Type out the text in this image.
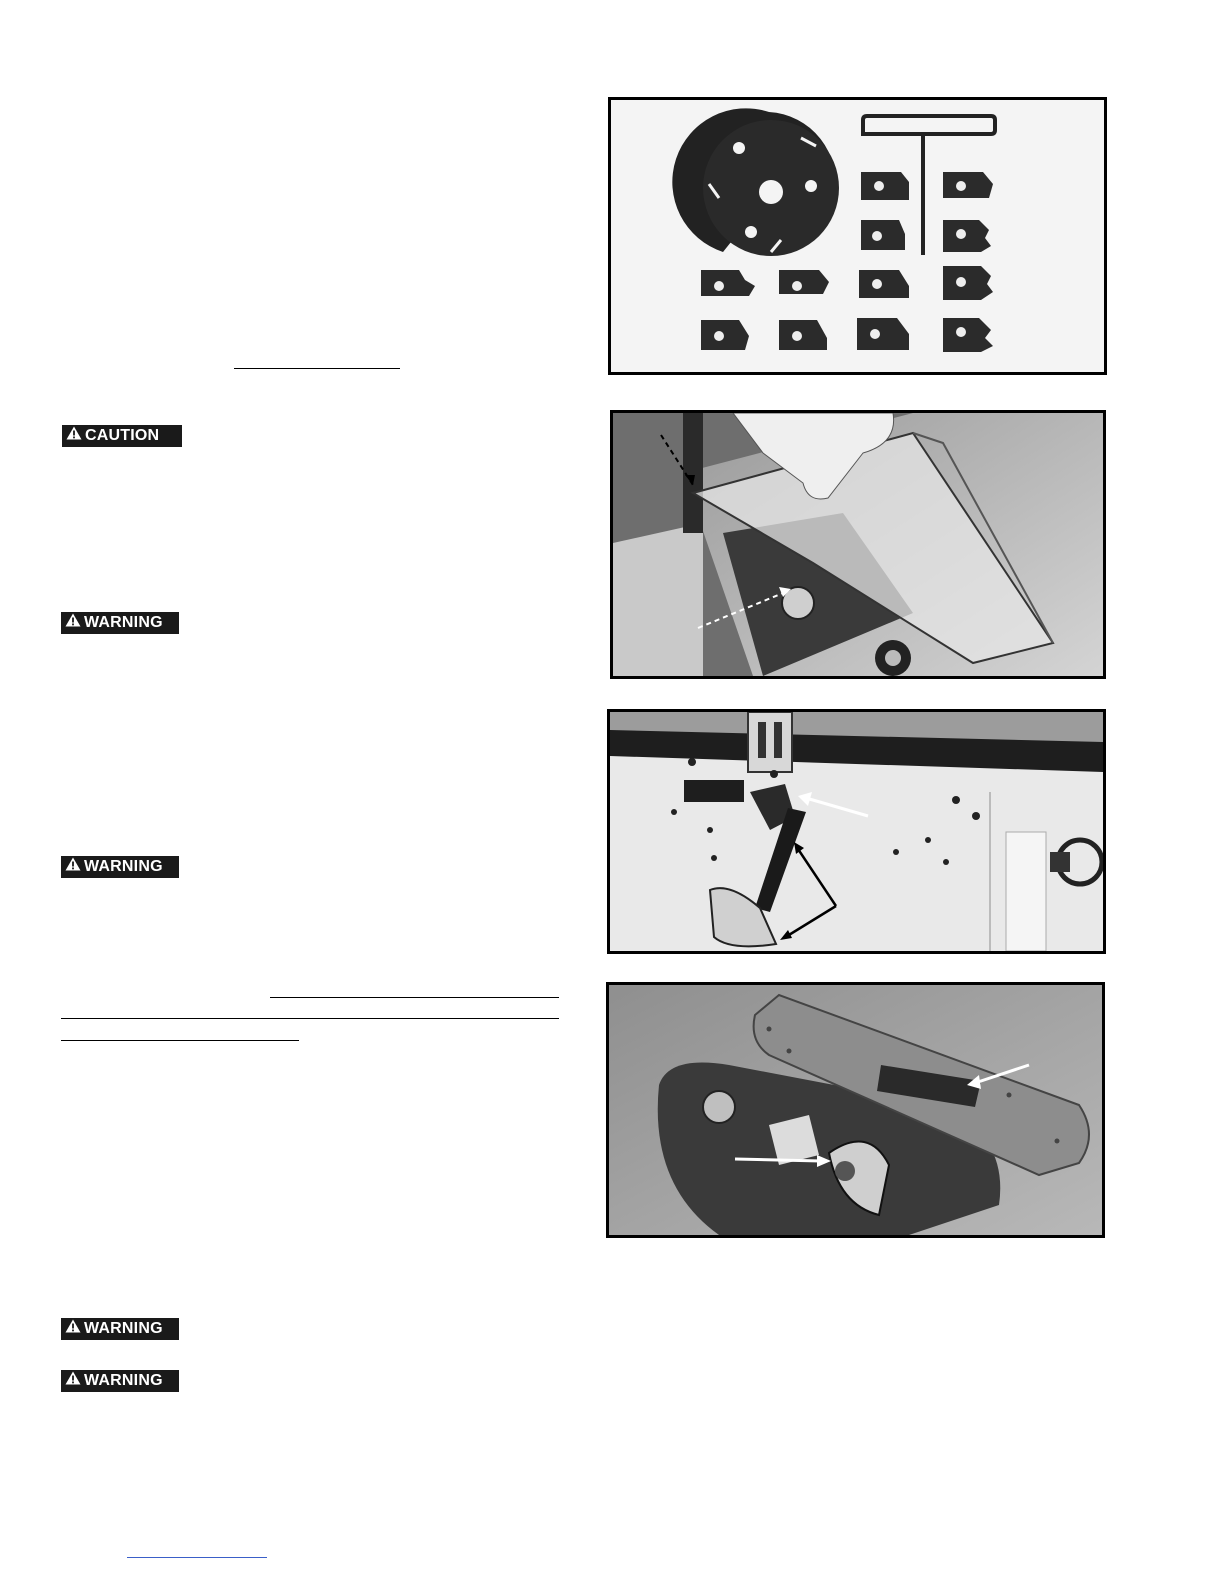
CAUTION
WARNING
WARNING
WARNING
WARNING
